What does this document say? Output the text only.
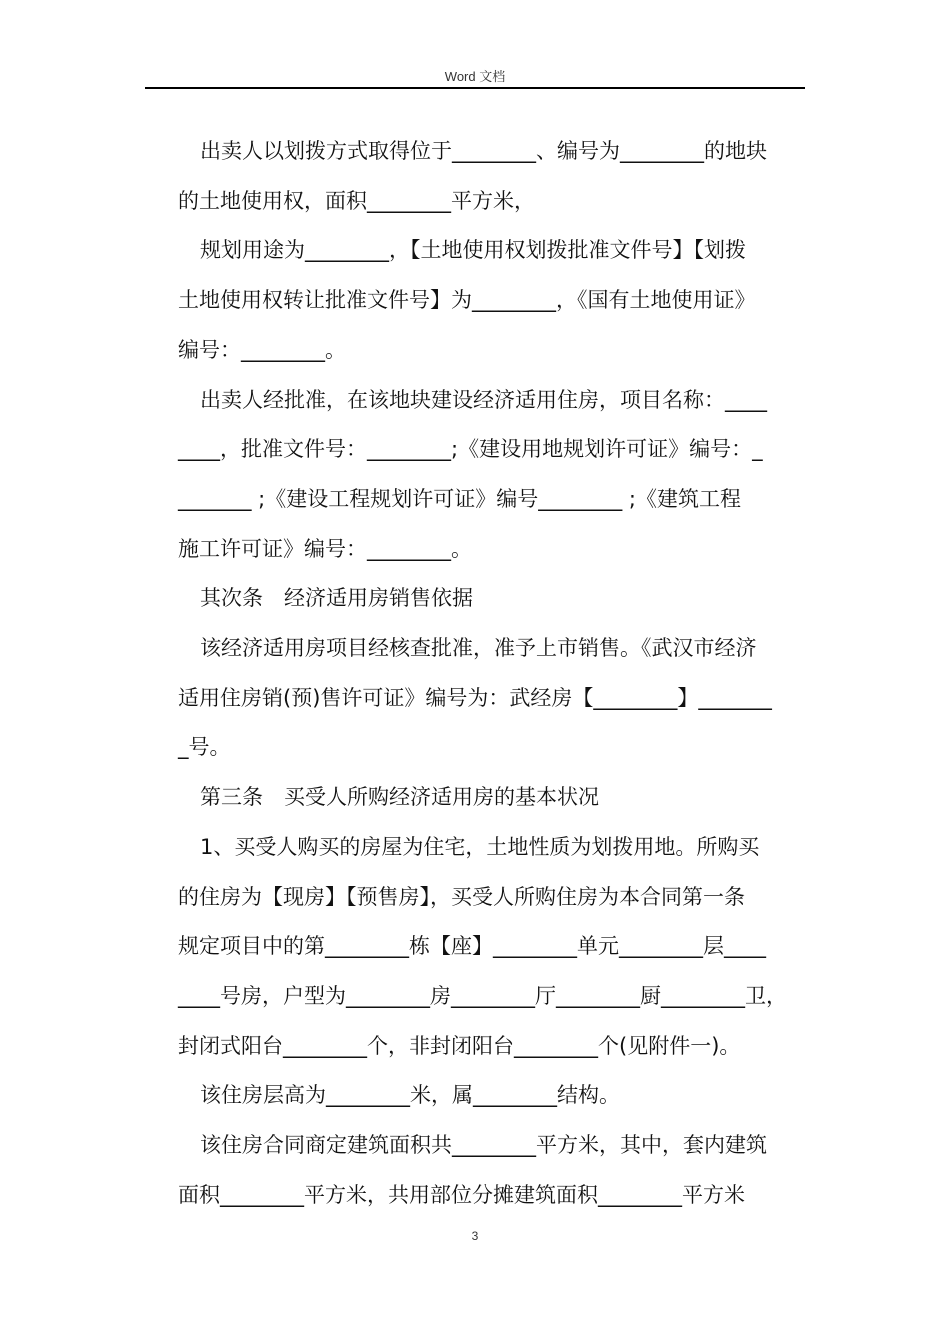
Word 文档
出卖人以划拨方式取得位于________、编号为________的地块
的土地使用权，面积________平方米，
规划用途为________，【土地使用权划拨批准文件号】【划拨
土地使用权转让批准文件号】为________，《国有土地使用证》
编号：________。
出卖人经批准，在该地块建设经济适用住房，项目名称：____
____，批准文件号：________;《建设用地规划许可证》编号：_
_______ ;《建设工程规划许可证》编号________ ;《建筑工程
施工许可证》编号：________。
其次条　经济适用房销售依据
该经济适用房项目经核查批准，准予上市销售。《武汉市经济
适用住房销(预)售许可证》编号为：武经房【________】_______
_号。
第三条　买受人所购经济适用房的基本状况
1、买受人购买的房屋为住宅，土地性质为划拨用地。所购买
的住房为【现房】【预售房】，买受人所购住房为本合同第一条
规定项目中的第________栋【座】________单元________层____
____号房，户型为________房________厅________厨________卫，
封闭式阳台________个，非封闭阳台________个(见附件一)。
该住房层高为________米，属________结构。
该住房合同商定建筑面积共________平方米，其中，套内建筑
面积________平方米，共用部位分摊建筑面积________平方米
3
